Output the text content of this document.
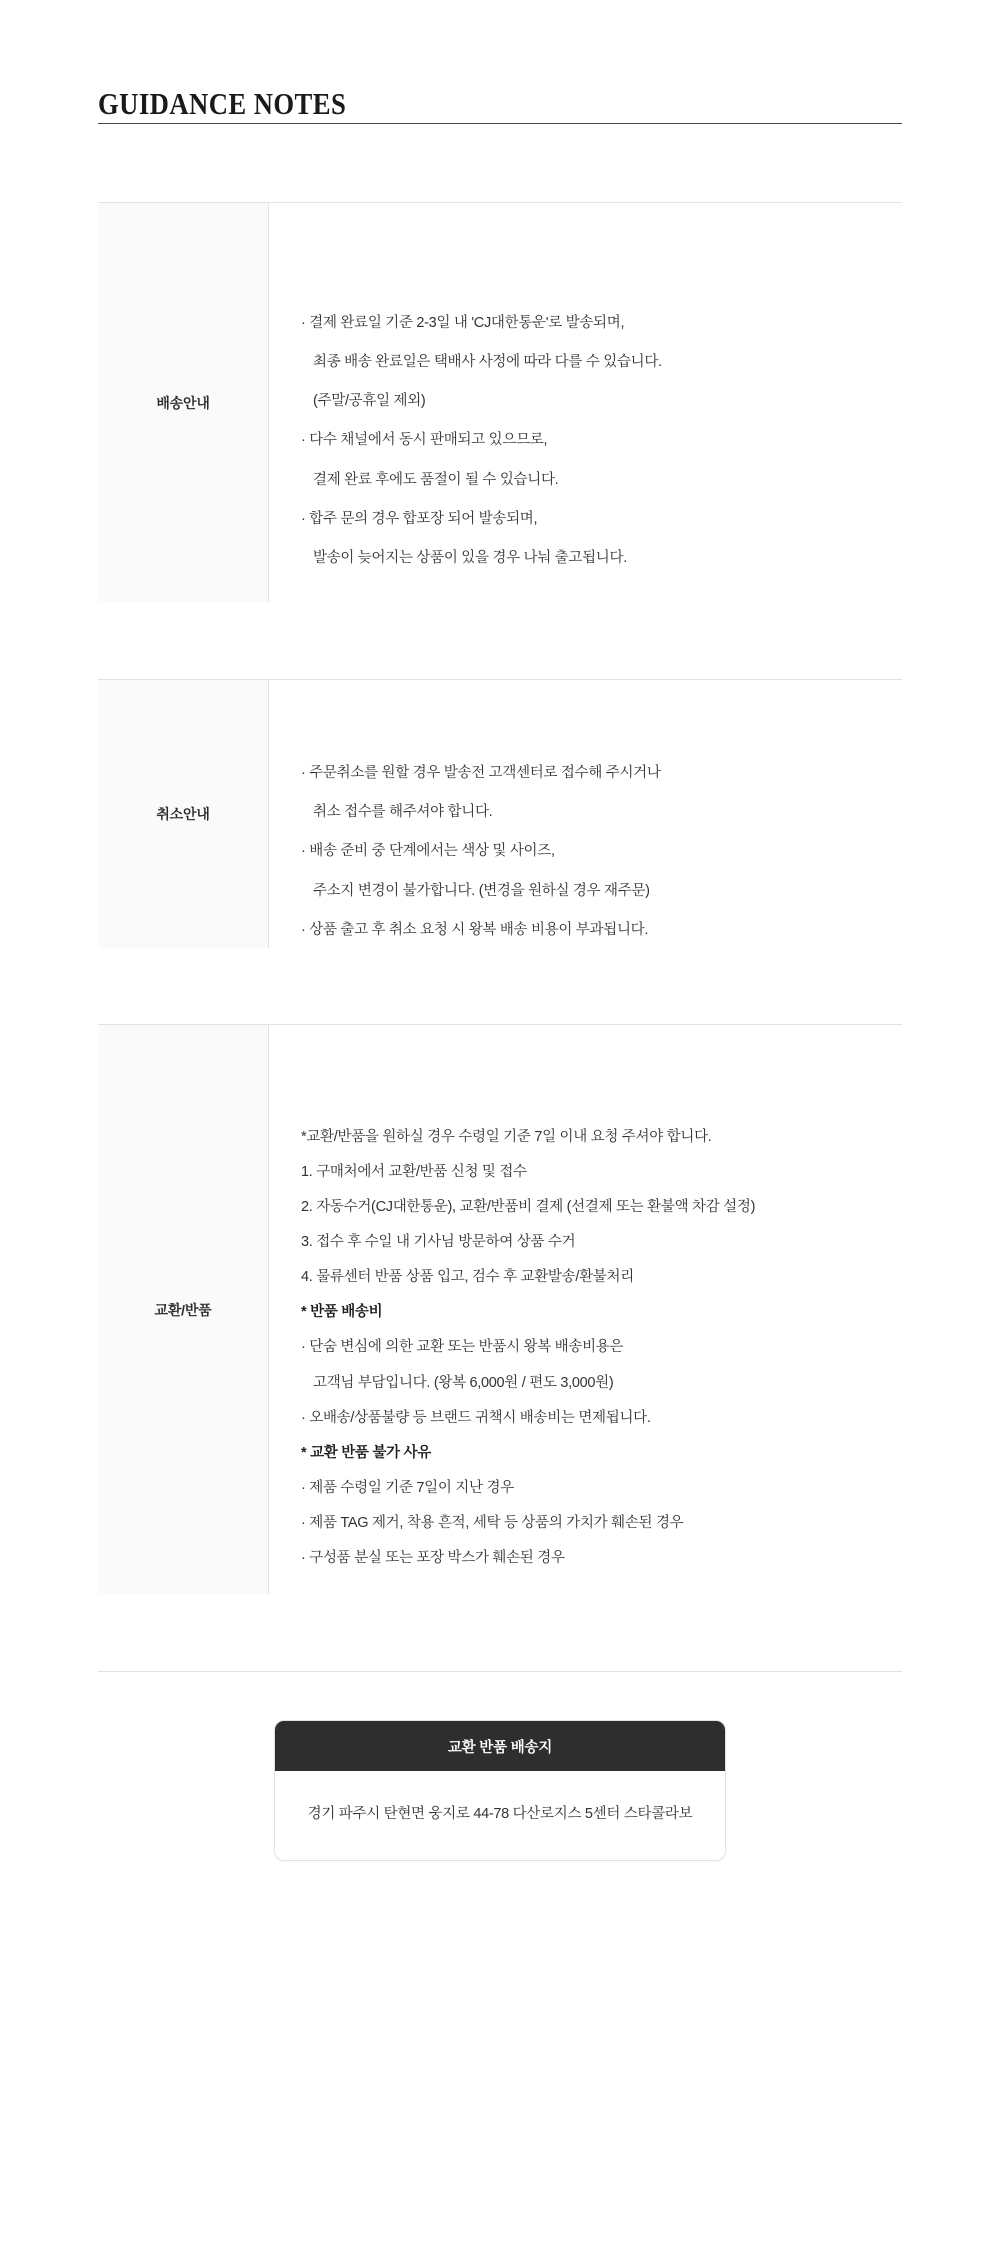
GUIDANCE NOTES
배송안내
· 결제 완료일 기준 2-3일 내 'CJ대한통운'로 발송되며,
최종 배송 완료일은 택배사 사정에 따라 다를 수 있습니다.
(주말/공휴일 제외)
· 다수 채널에서 동시 판매되고 있으므로,
결제 완료 후에도 품절이 될 수 있습니다.
· 합주 문의 경우 합포장 되어 발송되며,
발송이 늦어지는 상품이 있을 경우 나눠 출고됩니다.
취소안내
· 주문취소를 원할 경우 발송전 고객센터로 접수해 주시거나
취소 접수를 해주셔야 합니다.
· 배송 준비 중 단계에서는 색상 및 사이즈,
주소지 변경이 불가합니다. (변경을 원하실 경우 재주문)
· 상품 출고 후 취소 요청 시 왕복 배송 비용이 부과됩니다.
교환/반품
*교환/반품을 원하실 경우 수령일 기준 7일 이내 요청 주셔야 합니다.
1. 구매처에서 교환/반품 신청 및 접수
2. 자동수거(CJ대한통운), 교환/반품비 결제 (선결제 또는 환불액 차감 설정)
3. 접수 후 수일 내 기사님 방문하여 상품 수거
4. 물류센터 반품 상품 입고, 검수 후 교환발송/환불처리
* 반품 배송비
· 단숨 변심에 의한 교환 또는 반품시 왕복 배송비용은
고객님 부담입니다. (왕복 6,000원 / 편도 3,000원)
· 오배송/상품불량 등 브랜드 귀책시 배송비는 면제됩니다.
* 교환 반품 불가 사유
· 제품 수령일 기준 7일이 지난 경우
· 제품 TAG 제거, 착용 흔적, 세탁 등 상품의 가치가 훼손된 경우
· 구성품 분실 또는 포장 박스가 훼손된 경우
교환 반품 배송지
경기 파주시 탄현면 웅지로 44-78 다산로지스 5센터 스타콜라보
